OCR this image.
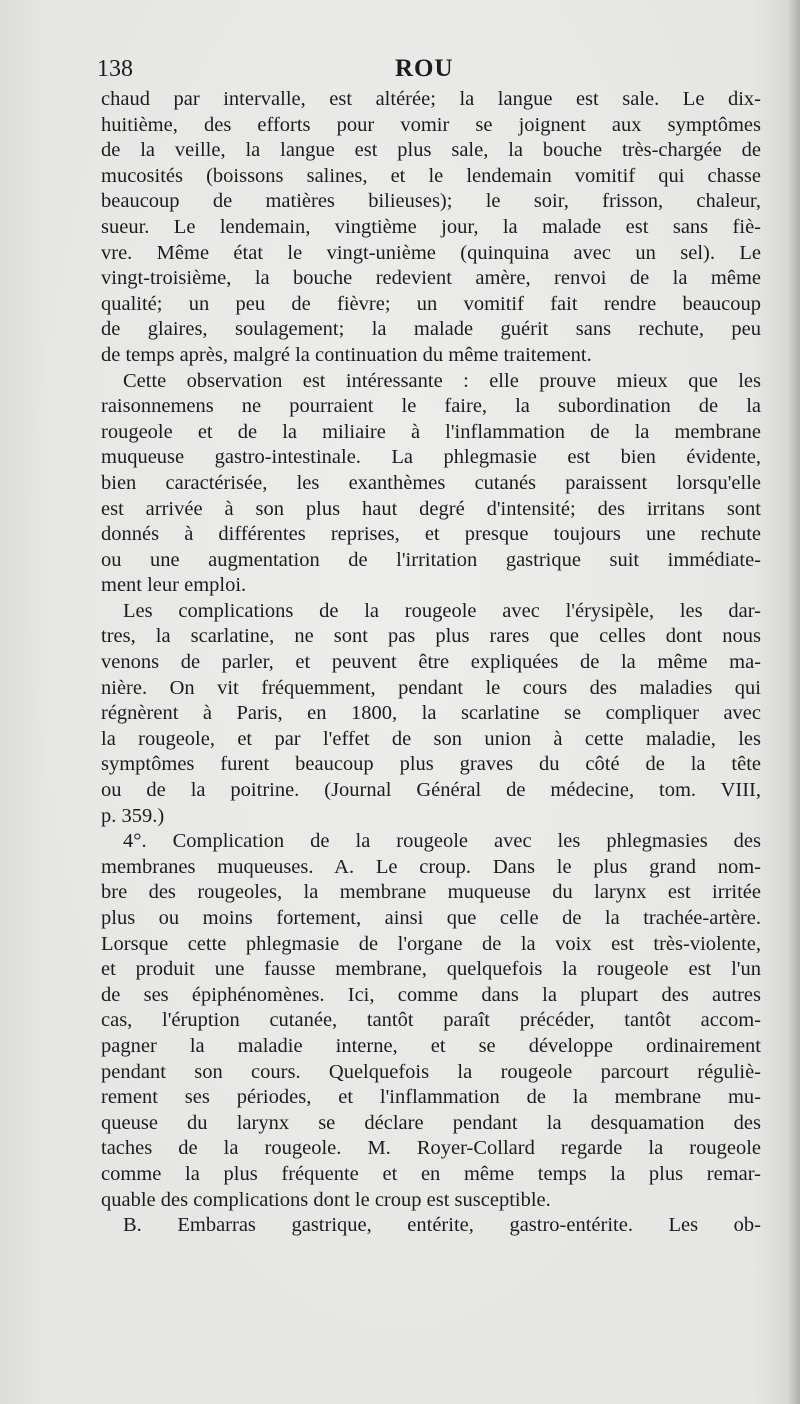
138	ROU
chaud par intervalle, est altérée; la langue est sale. Le dix-
huitième, des efforts pour vomir se joignent aux symptômes
de la veille, la langue est plus sale, la bouche très-chargée de
mucosités (boissons salines, et le lendemain vomitif qui chasse
beaucoup de matières bilieuses); le soir, frisson, chaleur,
sueur. Le lendemain, vingtième jour, la malade est sans fiè-
vre. Même état le vingt-unième (quinquina avec un sel). Le
vingt-troisième, la bouche redevient amère, renvoi de la même
qualité; un peu de fièvre; un vomitif fait rendre beaucoup
de glaires, soulagement; la malade guérit sans rechute, peu
de temps après, malgré la continuation du même traitement.
Cette observation est intéressante : elle prouve mieux que les
raisonnemens ne pourraient le faire, la subordination de la
rougeole et de la miliaire à l'inflammation de la membrane
muqueuse gastro-intestinale. La phlegmasie est bien évidente,
bien caractérisée, les exanthèmes cutanés paraissent lorsqu'elle
est arrivée à son plus haut degré d'intensité; des irritans sont
donnés à différentes reprises, et presque toujours une rechute
ou une augmentation de l'irritation gastrique suit immédiate-
ment leur emploi.
Les complications de la rougeole avec l'érysipèle, les dar-
tres, la scarlatine, ne sont pas plus rares que celles dont nous
venons de parler, et peuvent être expliquées de la même ma-
nière. On vit fréquemment, pendant le cours des maladies qui
régnèrent à Paris, en 1800, la scarlatine se compliquer avec
la rougeole, et par l'effet de son union à cette maladie, les
symptômes furent beaucoup plus graves du côté de la tête
ou de la poitrine. (Journal Général de médecine, tom. VIII,
p. 359.)
4°. Complication de la rougeole avec les phlegmasies des
membranes muqueuses. A. Le croup. Dans le plus grand nom-
bre des rougeoles, la membrane muqueuse du larynx est irritée
plus ou moins fortement, ainsi que celle de la trachée-artère.
Lorsque cette phlegmasie de l'organe de la voix est très-violente,
et produit une fausse membrane, quelquefois la rougeole est l'un
de ses épiphénomènes. Ici, comme dans la plupart des autres
cas, l'éruption cutanée, tantôt paraît précéder, tantôt accom-
pagner la maladie interne, et se développe ordinairement
pendant son cours. Quelquefois la rougeole parcourt réguliè-
rement ses périodes, et l'inflammation de la membrane mu-
queuse du larynx se déclare pendant la desquamation des
taches de la rougeole. M. Royer-Collard regarde la rougeole
comme la plus fréquente et en même temps la plus remar-
quable des complications dont le croup est susceptible.
B. Embarras gastrique, entérite, gastro-entérite. Les ob-
